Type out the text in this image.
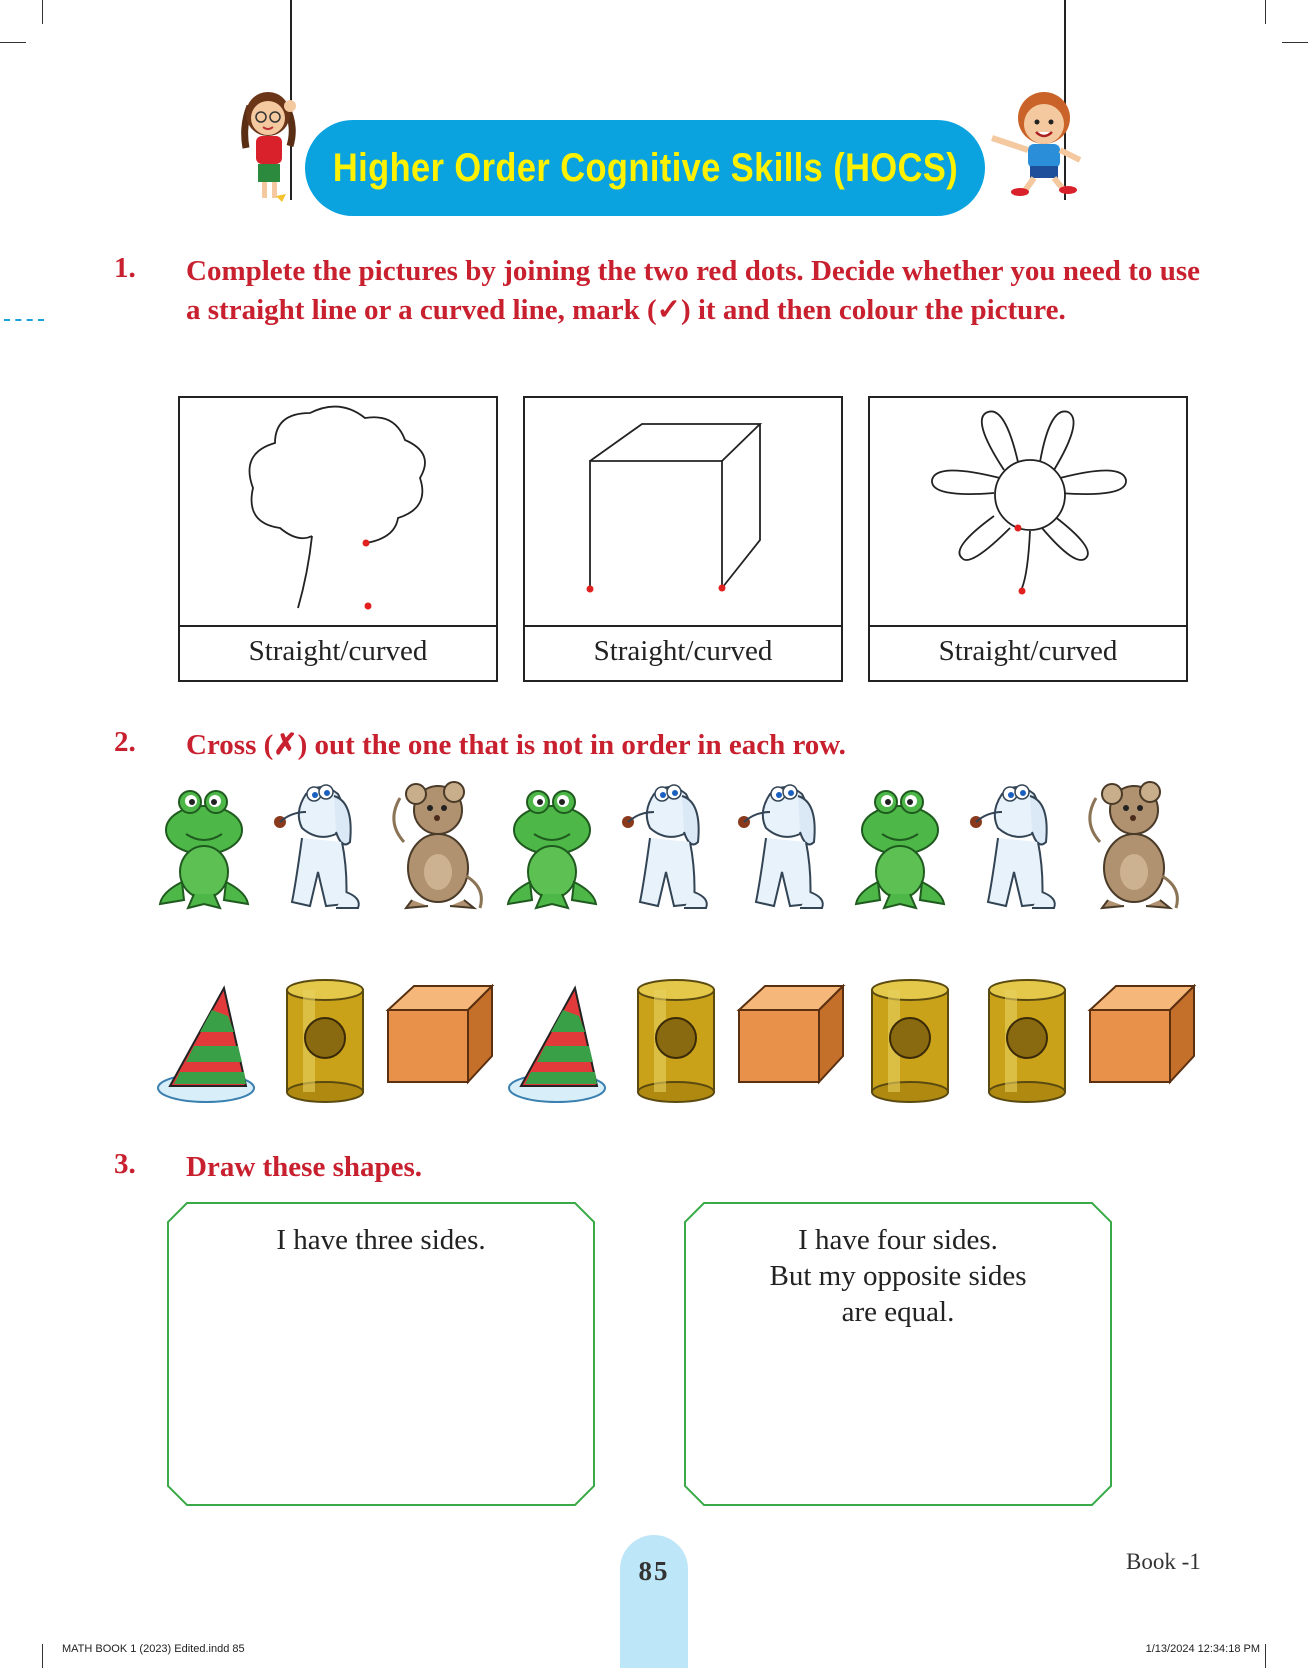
Higher Order Cognitive Skills (HOCS)
1. Complete the pictures by joining the two red dots. Decide whether you need to use a straight line or a curved line, mark (✓) it and then colour the picture.
Straight/curved	Straight/curved	Straight/curved
2. Cross (✗) out the one that is not in order in each row.
3. Draw these shapes.
I have three sides.	I have four sides.
But my opposite sides
are equal.
85	Book -1
MATH BOOK 1 (2023) Edited.indd 85	1/13/2024 12:34:18 PM
